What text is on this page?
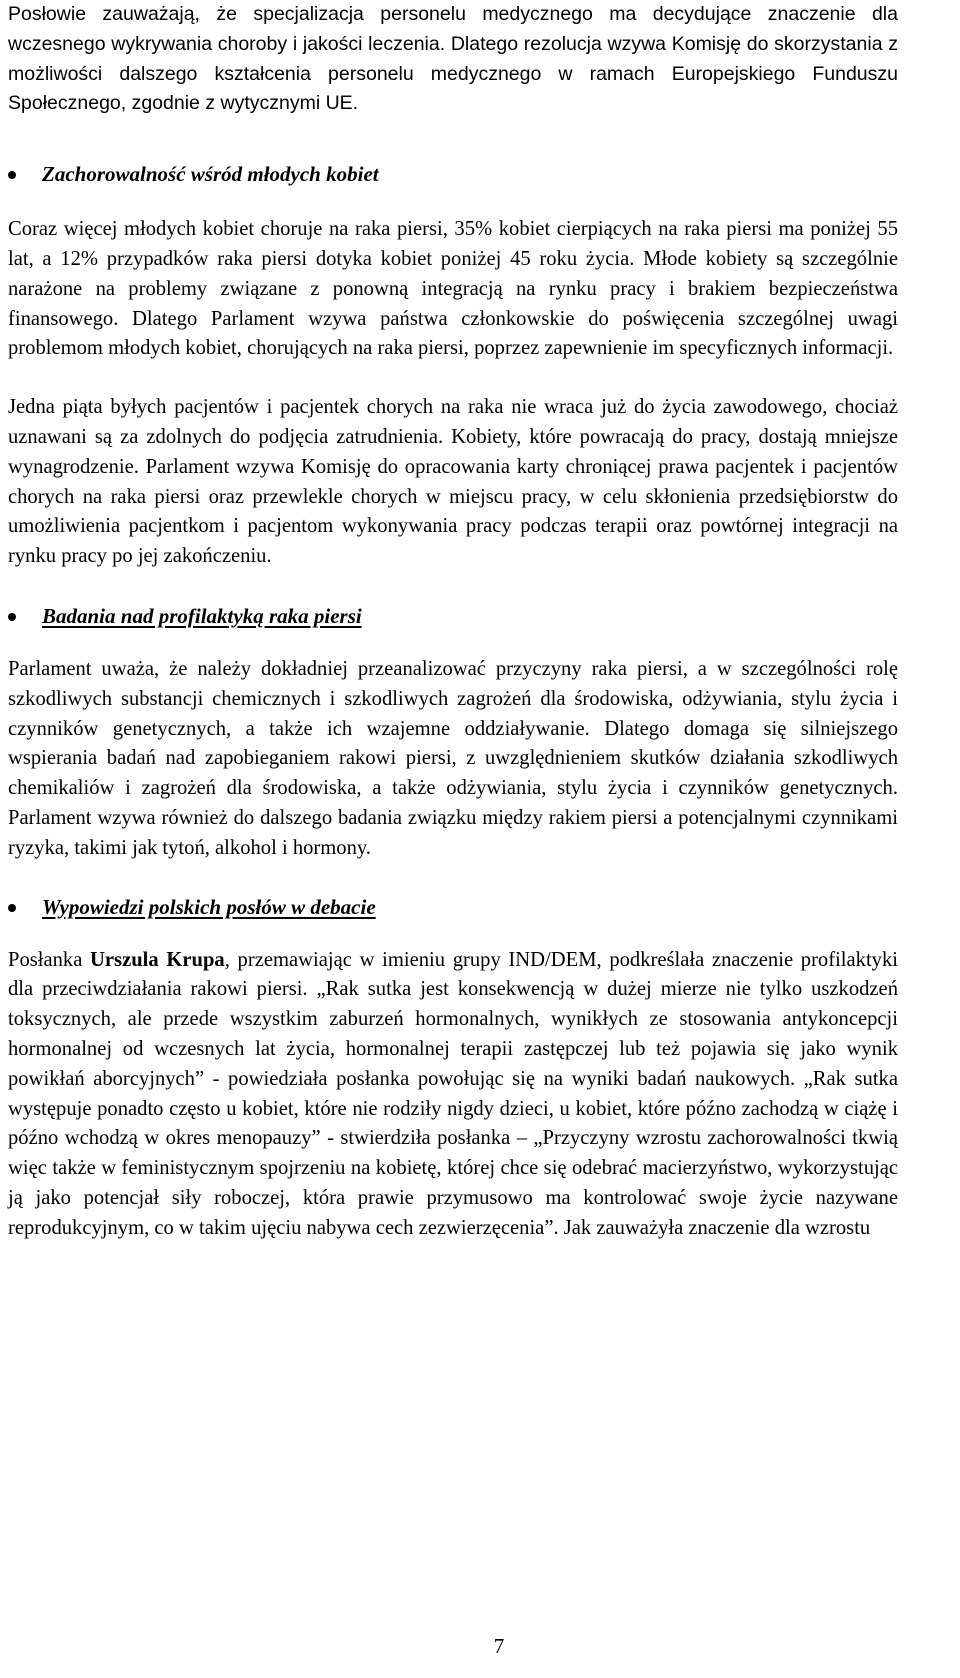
Posłowie zauważają, że specjalizacja personelu medycznego ma decydujące znaczenie dla wczesnego wykrywania choroby i jakości leczenia. Dlatego rezolucja wzywa Komisję do skorzystania z możliwości dalszego kształcenia personelu medycznego w ramach Europejskiego Funduszu Społecznego, zgodnie z wytycznymi UE.

Zachorowalność wśród młodych kobiet

Coraz więcej młodych kobiet choruje na raka piersi, 35% kobiet cierpiących na raka piersi ma poniżej 55 lat, a 12% przypadków raka piersi dotyka kobiet poniżej 45 roku życia. Młode kobiety są szczególnie narażone na problemy związane z ponowną integracją na rynku pracy i brakiem bezpieczeństwa finansowego. Dlatego Parlament wzywa państwa członkowskie do poświęcenia szczególnej uwagi problemom młodych kobiet, chorujących na raka piersi, poprzez zapewnienie im specyficznych informacji.

Jedna piąta byłych pacjentów i pacjentek chorych na raka nie wraca już do życia zawodowego, chociaż uznawani są za zdolnych do podjęcia zatrudnienia. Kobiety, które powracają do pracy, dostają mniejsze wynagrodzenie. Parlament wzywa Komisję do opracowania karty chroniącej prawa pacjentek i pacjentów chorych na raka piersi oraz przewlekle chorych w miejscu pracy, w celu skłonienia przedsiębiorstw do umożliwienia pacjentkom i pacjentom wykonywania pracy podczas terapii oraz powtórnej integracji na rynku pracy po jej zakończeniu.

Badania nad profilaktyką raka piersi

Parlament uważa, że należy dokładniej przeanalizować przyczyny raka piersi, a w szczególności rolę szkodliwych substancji chemicznych i szkodliwych zagrożeń dla środowiska, odżywiania, stylu życia i czynników genetycznych, a także ich wzajemne oddziaływanie. Dlatego domaga się silniejszego wspierania badań nad zapobieganiem rakowi piersi, z uwzględnieniem skutków działania szkodliwych chemikaliów i zagrożeń dla środowiska, a także odżywiania, stylu życia i czynników genetycznych. Parlament wzywa również do dalszego badania związku między rakiem piersi a potencjalnymi czynnikami ryzyka, takimi jak tytoń, alkohol i hormony.

Wypowiedzi polskich posłów w debacie

Posłanka Urszula Krupa, przemawiając w imieniu grupy IND/DEM, podkreślała znaczenie profilaktyki dla przeciwdziałania rakowi piersi. „Rak sutka jest konsekwencją w dużej mierze nie tylko uszkodzeń toksycznych, ale przede wszystkim zaburzeń hormonalnych, wynikłych ze stosowania antykoncepcji hormonalnej od wczesnych lat życia, hormonalnej terapii zastępczej lub też pojawia się jako wynik powikłań aborcyjnych” - powiedziała posłanka powołując się na wyniki badań naukowych. „Rak sutka występuje ponadto często u kobiet, które nie rodziły nigdy dzieci, u kobiet, które późno zachodzą w ciążę i późno wchodzą w okres menopauzy” - stwierdziła posłanka – „Przyczyny wzrostu zachorowalności tkwią więc także w feministycznym spojrzeniu na kobietę, której chce się odebrać macierzyństwo, wykorzystując ją jako potencjał siły roboczej, która prawie przymusowo ma kontrolować swoje życie nazywane reprodukcyjnym, co w takim ujęciu nabywa cech zezwierzęcenia”. Jak zauważyła znaczenie dla wzrostu

7
